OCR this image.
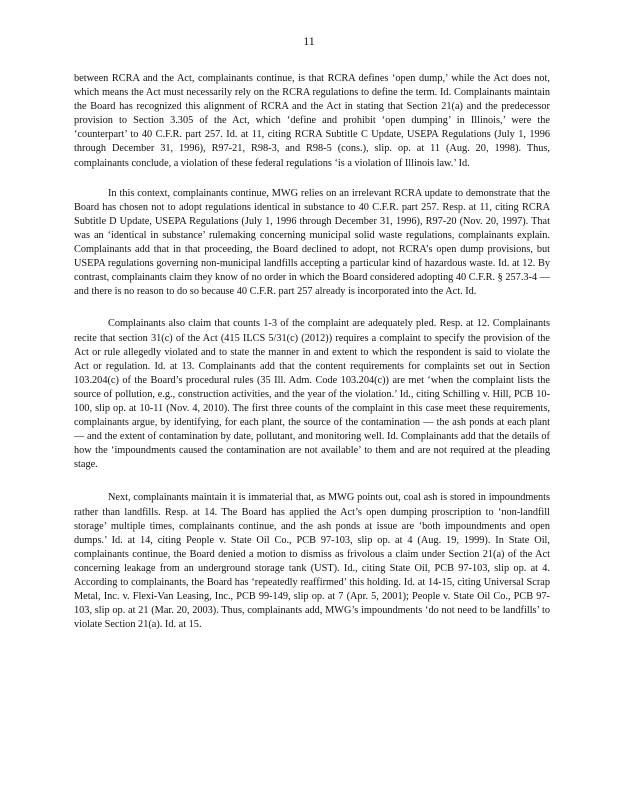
11

between RCRA and the Act, complainants continue, is that RCRA defines ‘open dump,’ while the Act does not, which means the Act must necessarily rely on the RCRA regulations to define the term. Id. Complainants maintain the Board has recognized this alignment of RCRA and the Act in stating that Section 21(a) and the predecessor provision to Section 3.305 of the Act, which ‘define and prohibit ‘open dumping’ in Illinois,’ were the ‘counterpart’ to 40 C.F.R. part 257. Id. at 11, citing RCRA Subtitle C Update, USEPA Regulations (July 1, 1996 through December 31, 1996), R97-21, R98-3, and R98-5 (cons.), slip. op. at 11 (Aug. 20, 1998). Thus, complainants conclude, a violation of these federal regulations ‘is a violation of Illinois law.’ Id.

In this context, complainants continue, MWG relies on an irrelevant RCRA update to demonstrate that the Board has chosen not to adopt regulations identical in substance to 40 C.F.R. part 257. Resp. at 11, citing RCRA Subtitle D Update, USEPA Regulations (July 1, 1996 through December 31, 1996), R97-20 (Nov. 20, 1997). That was an ‘identical in substance’ rulemaking concerning municipal solid waste regulations, complainants explain. Complainants add that in that proceeding, the Board declined to adopt, not RCRA’s open dump provisions, but USEPA regulations governing non-municipal landfills accepting a particular kind of hazardous waste. Id. at 12. By contrast, complainants claim they know of no order in which the Board considered adopting 40 C.F.R. § 257.3-4 — and there is no reason to do so because 40 C.F.R. part 257 already is incorporated into the Act. Id.

Complainants also claim that counts 1-3 of the complaint are adequately pled. Resp. at 12. Complainants recite that section 31(c) of the Act (415 ILCS 5/31(c) (2012)) requires a complaint to specify the provision of the Act or rule allegedly violated and to state the manner in and extent to which the respondent is said to violate the Act or regulation. Id. at 13. Complainants add that the content requirements for complaints set out in Section 103.204(c) of the Board’s procedural rules (35 Ill. Adm. Code 103.204(c)) are met ‘when the complaint lists the source of pollution, e.g., construction activities, and the year of the violation.’ Id., citing Schilling v. Hill, PCB 10-100, slip op. at 10-11 (Nov. 4, 2010). The first three counts of the complaint in this case meet these requirements, complainants argue, by identifying, for each plant, the source of the contamination — the ash ponds at each plant — and the extent of contamination by date, pollutant, and monitoring well. Id. Complainants add that the details of how the ‘impoundments caused the contamination are not available’ to them and are not required at the pleading stage.

Next, complainants maintain it is immaterial that, as MWG points out, coal ash is stored in impoundments rather than landfills. Resp. at 14. The Board has applied the Act’s open dumping proscription to ‘non-landfill storage’ multiple times, complainants continue, and the ash ponds at issue are ‘both impoundments and open dumps.’ Id. at 14, citing People v. State Oil Co., PCB 97-103, slip op. at 4 (Aug. 19, 1999). In State Oil, complainants continue, the Board denied a motion to dismiss as frivolous a claim under Section 21(a) of the Act concerning leakage from an underground storage tank (UST). Id., citing State Oil, PCB 97-103, slip op. at 4. According to complainants, the Board has ‘repeatedly reaffirmed’ this holding. Id. at 14-15, citing Universal Scrap Metal, Inc. v. Flexi-Van Leasing, Inc., PCB 99-149, slip op. at 7 (Apr. 5, 2001); People v. State Oil Co., PCB 97-103, slip op. at 21 (Mar. 20, 2003). Thus, complainants add, MWG’s impoundments ‘do not need to be landfills’ to violate Section 21(a). Id. at 15.
